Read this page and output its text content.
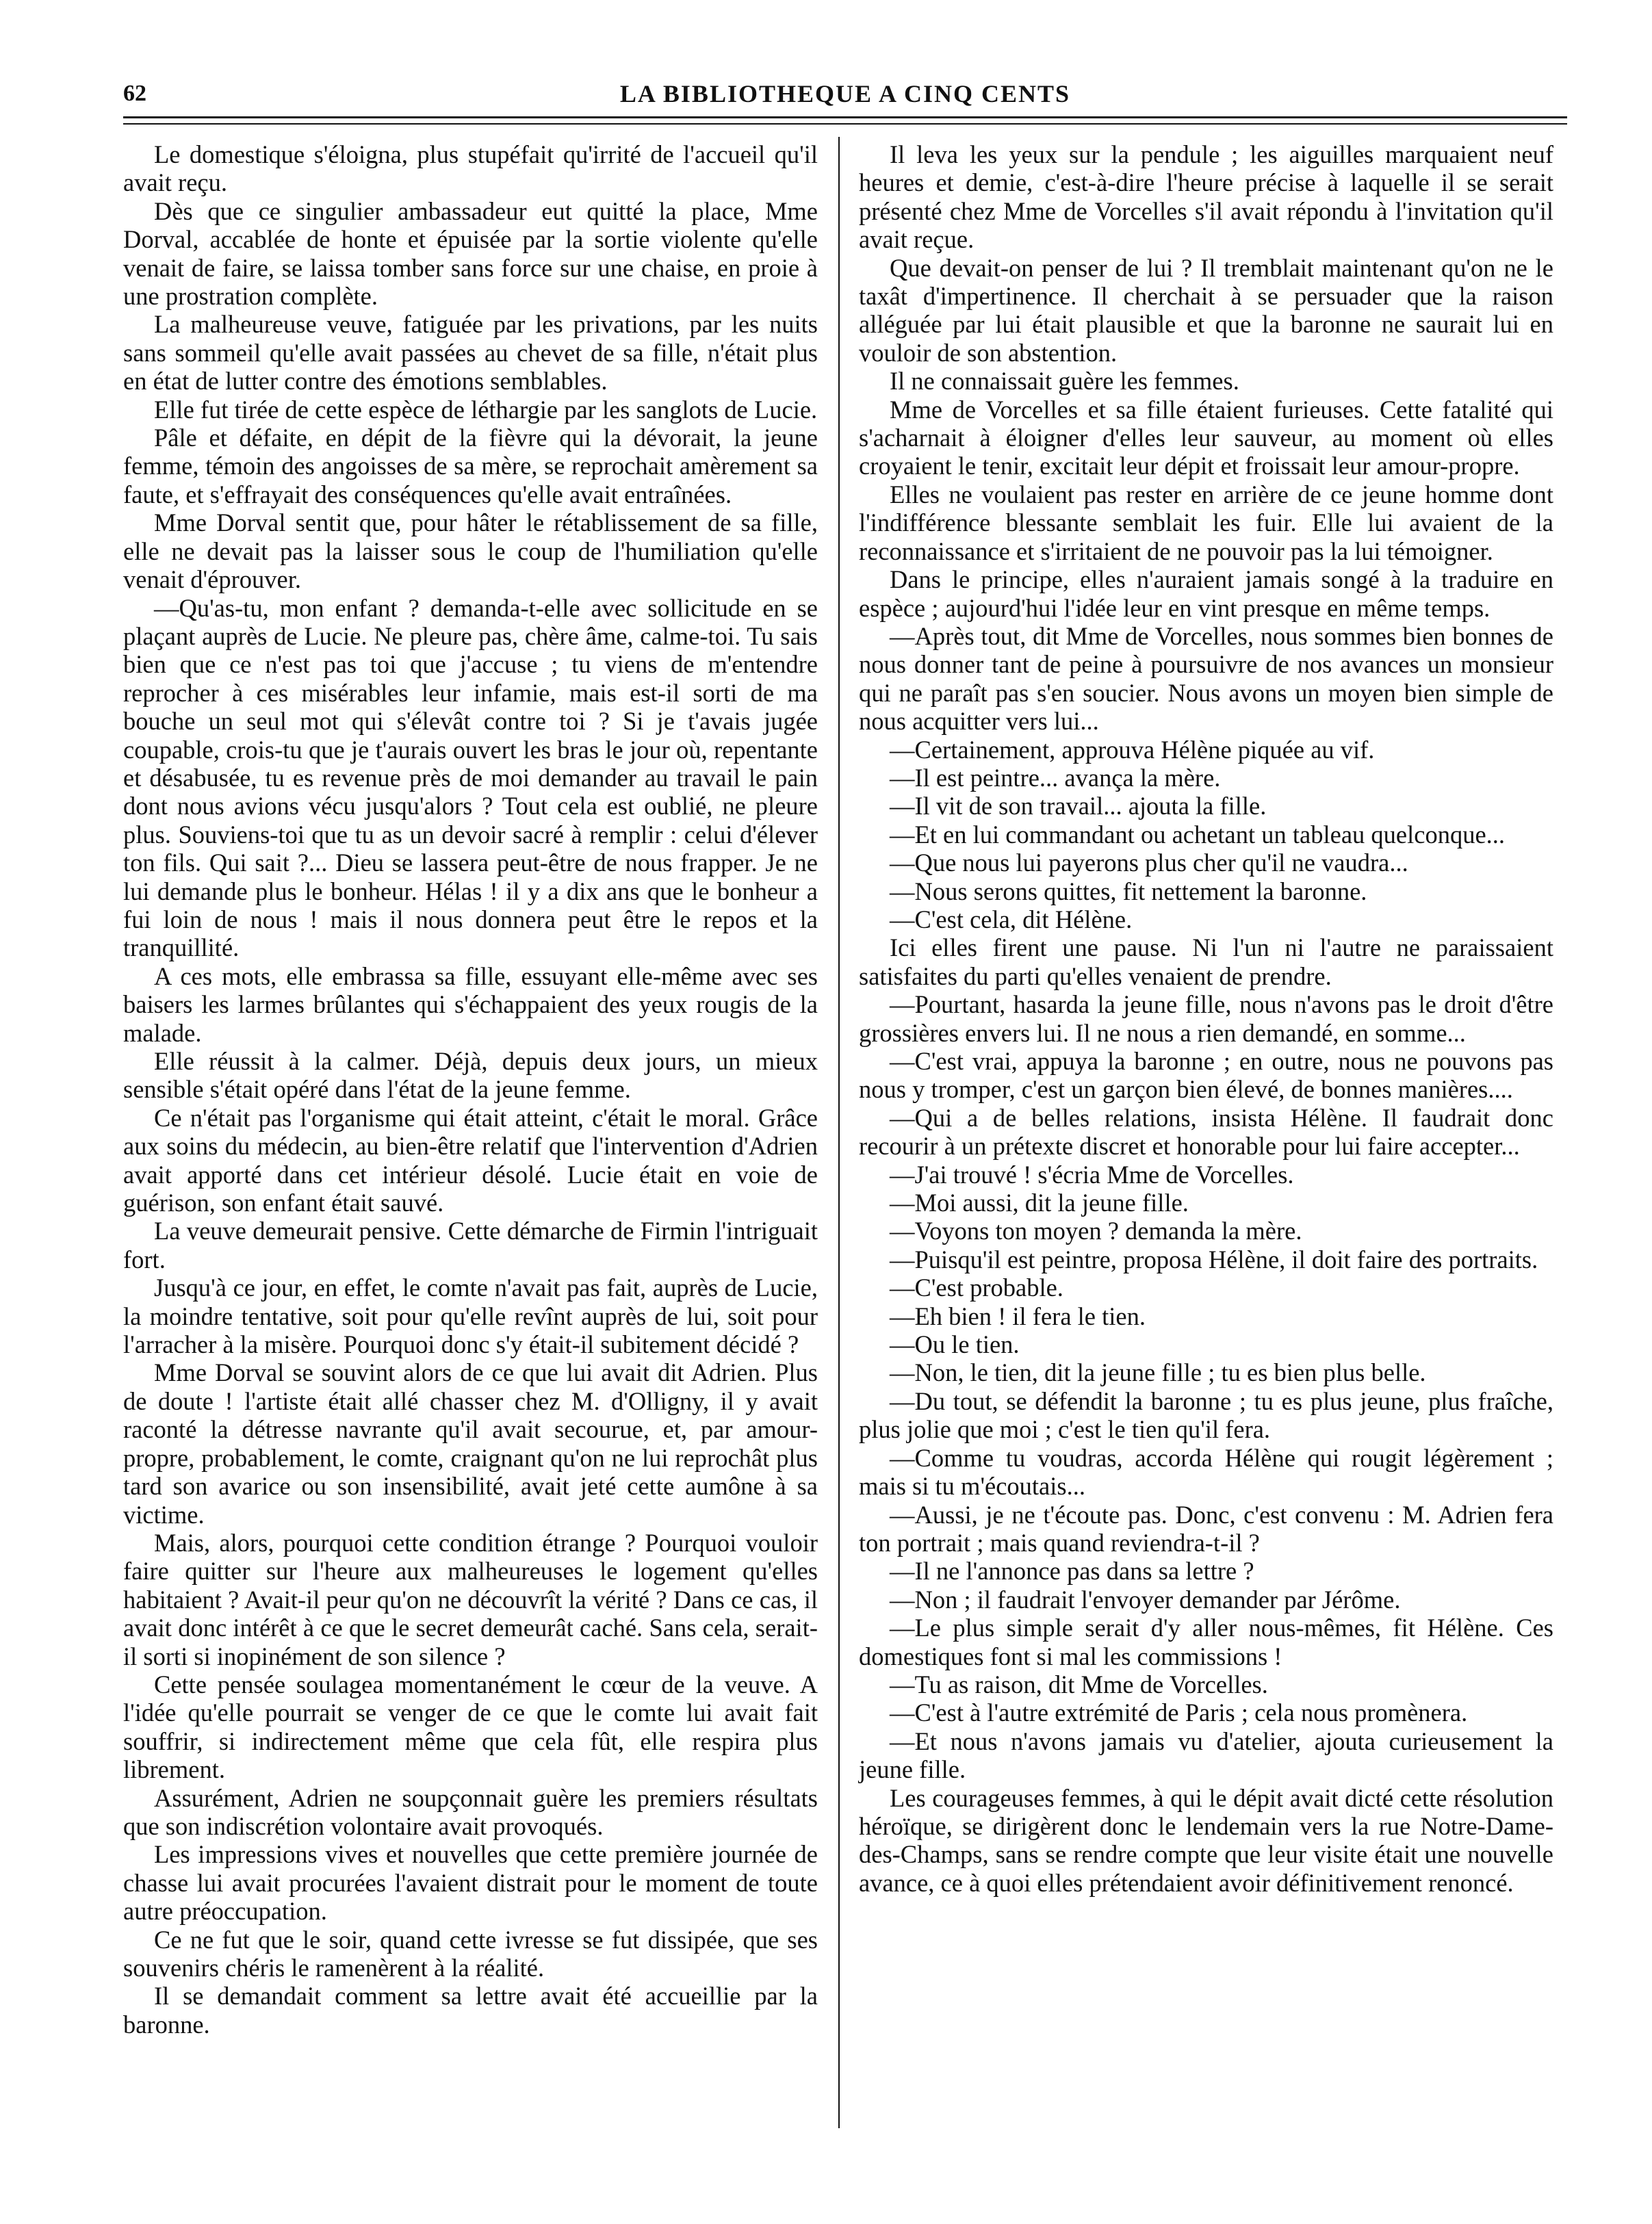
62	LA BIBLIOTHEQUE A CINQ CENTS

Le domestique s'éloigna, plus stupéfait qu'irrité de l'accueil qu'il avait reçu.

Dès que ce singulier ambassadeur eut quitté la place, Mme Dorval, accablée de honte et épuisée par la sortie violente qu'elle venait de faire, se laissa tomber sans force sur une chaise, en proie à une prostration complète.

La malheureuse veuve, fatiguée par les privations, par les nuits sans sommeil qu'elle avait passées au chevet de sa fille, n'était plus en état de lutter contre des émotions semblables.

Elle fut tirée de cette espèce de léthargie par les sanglots de Lucie.

Pâle et défaite, en dépit de la fièvre qui la dévorait, la jeune femme, témoin des angoisses de sa mère, se reprochait amèrement sa faute, et s'effrayait des conséquences qu'elle avait entraînées.

Mme Dorval sentit que, pour hâter le rétablissement de sa fille, elle ne devait pas la laisser sous le coup de l'humiliation qu'elle venait d'éprouver.

—Qu'as-tu, mon enfant ? demanda-t-elle avec sollicitude en se plaçant auprès de Lucie. Ne pleure pas, chère âme, calme-toi. Tu sais bien que ce n'est pas toi que j'accuse ; tu viens de m'entendre reprocher à ces misérables leur infamie, mais est-il sorti de ma bouche un seul mot qui s'élevât contre toi ? Si je t'avais jugée coupable, crois-tu que je t'aurais ouvert les bras le jour où, repentante et désabusée, tu es revenue près de moi demander au travail le pain dont nous avions vécu jusqu'alors ? Tout cela est oublié, ne pleure plus. Souviens-toi que tu as un devoir sacré à remplir : celui d'élever ton fils. Qui sait ?... Dieu se lassera peut-être de nous frapper. Je ne lui demande plus le bonheur. Hélas ! il y a dix ans que le bonheur a fui loin de nous ! mais il nous donnera peut être le repos et la tranquillité.

A ces mots, elle embrassa sa fille, essuyant elle-même avec ses baisers les larmes brûlantes qui s'échappaient des yeux rougis de la malade.

Elle réussit à la calmer. Déjà, depuis deux jours, un mieux sensible s'était opéré dans l'état de la jeune femme.

Ce n'était pas l'organisme qui était atteint, c'était le moral. Grâce aux soins du médecin, au bien-être relatif que l'intervention d'Adrien avait apporté dans cet intérieur désolé. Lucie était en voie de guérison, son enfant était sauvé.

La veuve demeurait pensive. Cette démarche de Firmin l'intriguait fort.

Jusqu'à ce jour, en effet, le comte n'avait pas fait, auprès de Lucie, la moindre tentative, soit pour qu'elle revînt auprès de lui, soit pour l'arracher à la misère. Pourquoi donc s'y était-il subitement décidé ?

Mme Dorval se souvint alors de ce que lui avait dit Adrien. Plus de doute ! l'artiste était allé chasser chez M. d'Olligny, il y avait raconté la détresse navrante qu'il avait secourue, et, par amour-propre, probablement, le comte, craignant qu'on ne lui reprochât plus tard son avarice ou son insensibilité, avait jeté cette aumône à sa victime.

Mais, alors, pourquoi cette condition étrange ? Pourquoi vouloir faire quitter sur l'heure aux malheureuses le logement qu'elles habitaient ? Avait-il peur qu'on ne découvrît la vérité ? Dans ce cas, il avait donc intérêt à ce que le secret demeurât caché. Sans cela, serait-il sorti si inopinément de son silence ?

Cette pensée soulagea momentanément le cœur de la veuve. A l'idée qu'elle pourrait se venger de ce que le comte lui avait fait souffrir, si indirectement même que cela fût, elle respira plus librement.

Assurément, Adrien ne soupçonnait guère les premiers résultats que son indiscrétion volontaire avait provoqués.

Les impressions vives et nouvelles que cette première journée de chasse lui avait procurées l'avaient distrait pour le moment de toute autre préoccupation.

Ce ne fut que le soir, quand cette ivresse se fut dissipée, que ses souvenirs chéris le ramenèrent à la réalité.

Il se demandait comment sa lettre avait été accueillie par la baronne.

Il leva les yeux sur la pendule ; les aiguilles marquaient neuf heures et demie, c'est-à-dire l'heure précise à laquelle il se serait présenté chez Mme de Vorcelles s'il avait répondu à l'invitation qu'il avait reçue.

Que devait-on penser de lui ? Il tremblait maintenant qu'on ne le taxât d'impertinence. Il cherchait à se persuader que la raison alléguée par lui était plausible et que la baronne ne saurait lui en vouloir de son abstention.

Il ne connaissait guère les femmes.

Mme de Vorcelles et sa fille étaient furieuses. Cette fatalité qui s'acharnait à éloigner d'elles leur sauveur, au moment où elles croyaient le tenir, excitait leur dépit et froissait leur amour-propre.

Elles ne voulaient pas rester en arrière de ce jeune homme dont l'indifférence blessante semblait les fuir. Elle lui avaient de la reconnaissance et s'irritaient de ne pouvoir pas la lui témoigner.

Dans le principe, elles n'auraient jamais songé à la traduire en espèce ; aujourd'hui l'idée leur en vint presque en même temps.

—Après tout, dit Mme de Vorcelles, nous sommes bien bonnes de nous donner tant de peine à poursuivre de nos avances un monsieur qui ne paraît pas s'en soucier. Nous avons un moyen bien simple de nous acquitter vers lui...

—Certainement, approuva Hélène piquée au vif.

—Il est peintre... avança la mère.

—Il vit de son travail... ajouta la fille.

—Et en lui commandant ou achetant un tableau quelconque...

—Que nous lui payerons plus cher qu'il ne vaudra...

—Nous serons quittes, fit nettement la baronne.

—C'est cela, dit Hélène.

Ici elles firent une pause. Ni l'un ni l'autre ne paraissaient satisfaites du parti qu'elles venaient de prendre.

—Pourtant, hasarda la jeune fille, nous n'avons pas le droit d'être grossières envers lui. Il ne nous a rien demandé, en somme...

—C'est vrai, appuya la baronne ; en outre, nous ne pouvons pas nous y tromper, c'est un garçon bien élevé, de bonnes manières....

—Qui a de belles relations, insista Hélène. Il faudrait donc recourir à un prétexte discret et honorable pour lui faire accepter...

—J'ai trouvé ! s'écria Mme de Vorcelles.

—Moi aussi, dit la jeune fille.

—Voyons ton moyen ? demanda la mère.

—Puisqu'il est peintre, proposa Hélène, il doit faire des portraits.

—C'est probable.

—Eh bien ! il fera le tien.

—Ou le tien.

—Non, le tien, dit la jeune fille ; tu es bien plus belle.

—Du tout, se défendit la baronne ; tu es plus jeune, plus fraîche, plus jolie que moi ; c'est le tien qu'il fera.

—Comme tu voudras, accorda Hélène qui rougit légèrement ; mais si tu m'écoutais...

—Aussi, je ne t'écoute pas. Donc, c'est convenu : M. Adrien fera ton portrait ; mais quand reviendra-t-il ?

—Il ne l'annonce pas dans sa lettre ?

—Non ; il faudrait l'envoyer demander par Jérôme.

—Le plus simple serait d'y aller nous-mêmes, fit Hélène. Ces domestiques font si mal les commissions !

—Tu as raison, dit Mme de Vorcelles.

—C'est à l'autre extrémité de Paris ; cela nous promènera.

—Et nous n'avons jamais vu d'atelier, ajouta curieusement la jeune fille.

Les courageuses femmes, à qui le dépit avait dicté cette résolution héroïque, se dirigèrent donc le lendemain vers la rue Notre-Dame-des-Champs, sans se rendre compte que leur visite était une nouvelle avance, ce à quoi elles prétendaient avoir définitivement renoncé.
